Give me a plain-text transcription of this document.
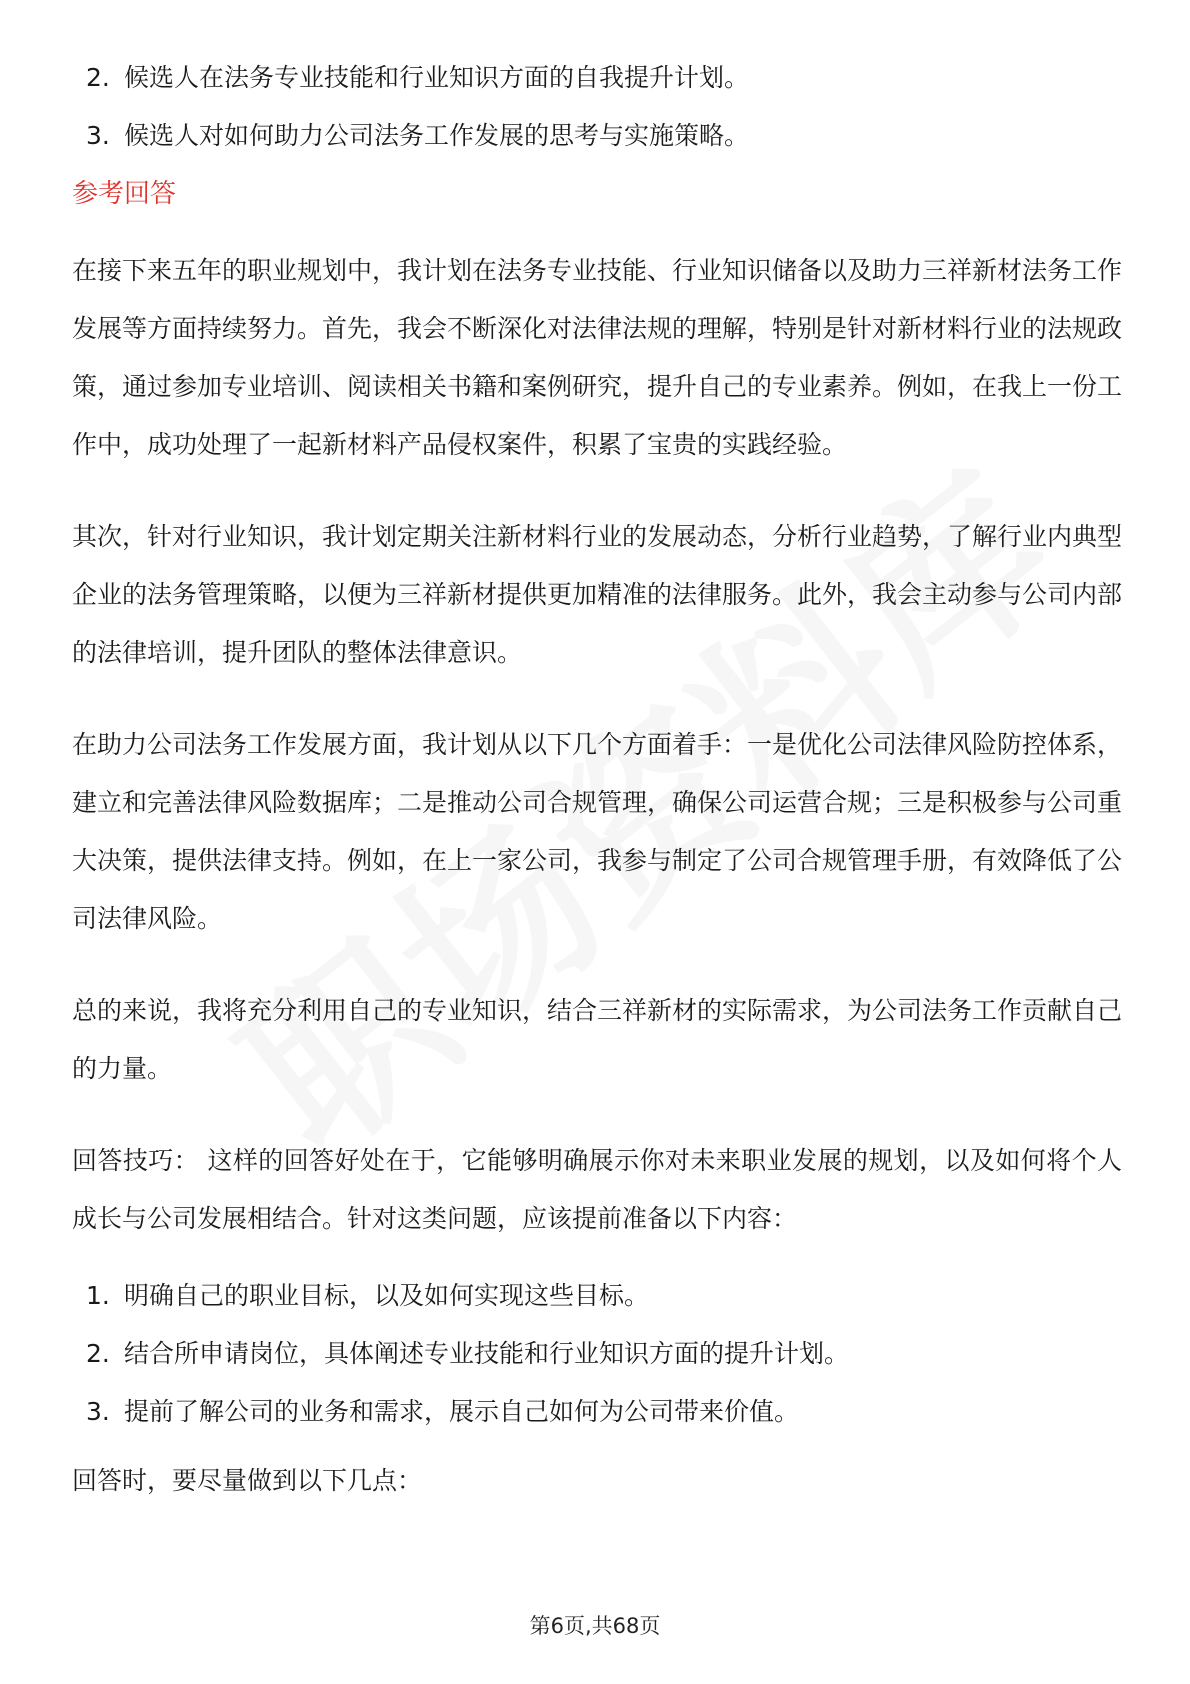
2. 候选人在法务专业技能和行业知识方面的自我提升计划。
3. 候选人对如何助力公司法务工作发展的思考与实施策略。
参考回答

在接下来五年的职业规划中，我计划在法务专业技能、行业知识储备以及助力三祥新材法务工作发展等方面持续努力。首先，我会不断深化对法律法规的理解，特别是针对新材料行业的法规政策，通过参加专业培训、阅读相关书籍和案例研究，提升自己的专业素养。例如，在我上一份工作中，成功处理了一起新材料产品侵权案件，积累了宝贵的实践经验。

其次，针对行业知识，我计划定期关注新材料行业的发展动态，分析行业趋势，了解行业内典型企业的法务管理策略，以便为三祥新材提供更加精准的法律服务。此外，我会主动参与公司内部的法律培训，提升团队的整体法律意识。

在助力公司法务工作发展方面，我计划从以下几个方面着手：一是优化公司法律风险防控体系，建立和完善法律风险数据库；二是推动公司合规管理，确保公司运营合规；三是积极参与公司重大决策，提供法律支持。例如，在上一家公司，我参与制定了公司合规管理手册，有效降低了公司法律风险。

总的来说，我将充分利用自己的专业知识，结合三祥新材的实际需求，为公司法务工作贡献自己的力量。

回答技巧： 这样的回答好处在于，它能够明确展示你对未来职业发展的规划，以及如何将个人成长与公司发展相结合。针对这类问题，应该提前准备以下内容：

1. 明确自己的职业目标，以及如何实现这些目标。
2. 结合所申请岗位，具体阐述专业技能和行业知识方面的提升计划。
3. 提前了解公司的业务和需求，展示自己如何为公司带来价值。

回答时，要尽量做到以下几点：

第6页,共68页
